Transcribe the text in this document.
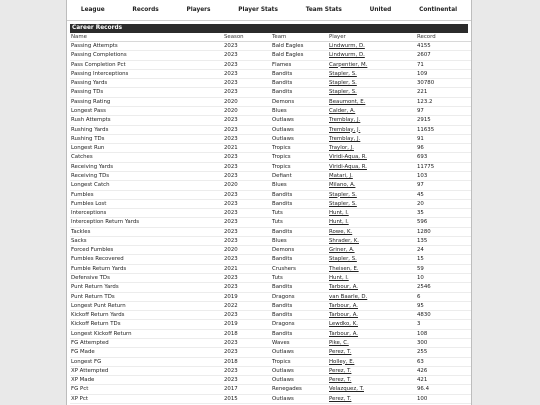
League	Records	Players	Player Stats	Team Stats	United	Continental
Career Records
Name	Season	Team	Player	Record
Passing Attempts	2023	Bald Eagles	Lindwurm, D.	4155
Passing Completions	2023	Bald Eagles	Lindwurm, D.	2607
Pass Completion Pct	2023	Flames	Carpentier, M.	71
Passing Interceptions	2023	Bandits	Stapler, S.	109
Passing Yards	2023	Bandits	Stapler, S.	30780
Passing TDs	2023	Bandits	Stapler, S.	221
Passing Rating	2020	Demons	Beaumont, E.	123.2
Longest Pass	2020	Blues	Calder, A.	97
Rush Attempts	2023	Outlaws	Tremblay, J.	2915
Rushing Yards	2023	Outlaws	Tremblay, J.	11635
Rushing TDs	2023	Outlaws	Tremblay, J.	91
Longest Run	2021	Tropics	Traylor, J.	96
Catches	2023	Tropics	Viridi-Aqua, R.	693
Receiving Yards	2023	Tropics	Viridi-Aqua, R.	11775
Receiving TDs	2023	Defiant	Matari, J.	103
Longest Catch	2020	Blues	Milano, A.	97
Fumbles	2023	Bandits	Stapler, S.	45
Fumbles Lost	2023	Bandits	Stapler, S.	20
Interceptions	2023	Tuts	Hunt, I.	35
Interception Return Yards	2023	Tuts	Hunt, I.	596
Tackles	2023	Bandits	Rowe, K.	1280
Sacks	2023	Blues	Shrader, K.	135
Forced Fumbles	2020	Demons	Griner, A.	24
Fumbles Recovered	2023	Bandits	Stapler, S.	15
Fumble Return Yards	2021	Crushers	Theisen, E.	59
Defensive TDs	2023	Tuts	Hunt, I.	10
Punt Return Yards	2023	Bandits	Tarbour, A.	2546
Punt Return TDs	2019	Dragons	van Baarle, D.	6
Longest Punt Return	2022	Bandits	Tarbour, A.	95
Kickoff Return Yards	2023	Bandits	Tarbour, A.	4830
Kickoff Return TDs	2019	Dragons	Lewdko, K.	3
Longest Kickoff Return	2018	Bandits	Tarbour, A.	108
FG Attempted	2023	Waves	Pike, C.	300
FG Made	2023	Outlaws	Perez, T.	255
Longest FG	2018	Tropics	Holley, E.	63
XP Attempted	2023	Outlaws	Perez, T.	426
XP Made	2023	Outlaws	Perez, T.	421
FG Pct	2017	Renegades	Velazquez, T.	96.4
XP Pct	2015	Outlaws	Perez, T.	100
